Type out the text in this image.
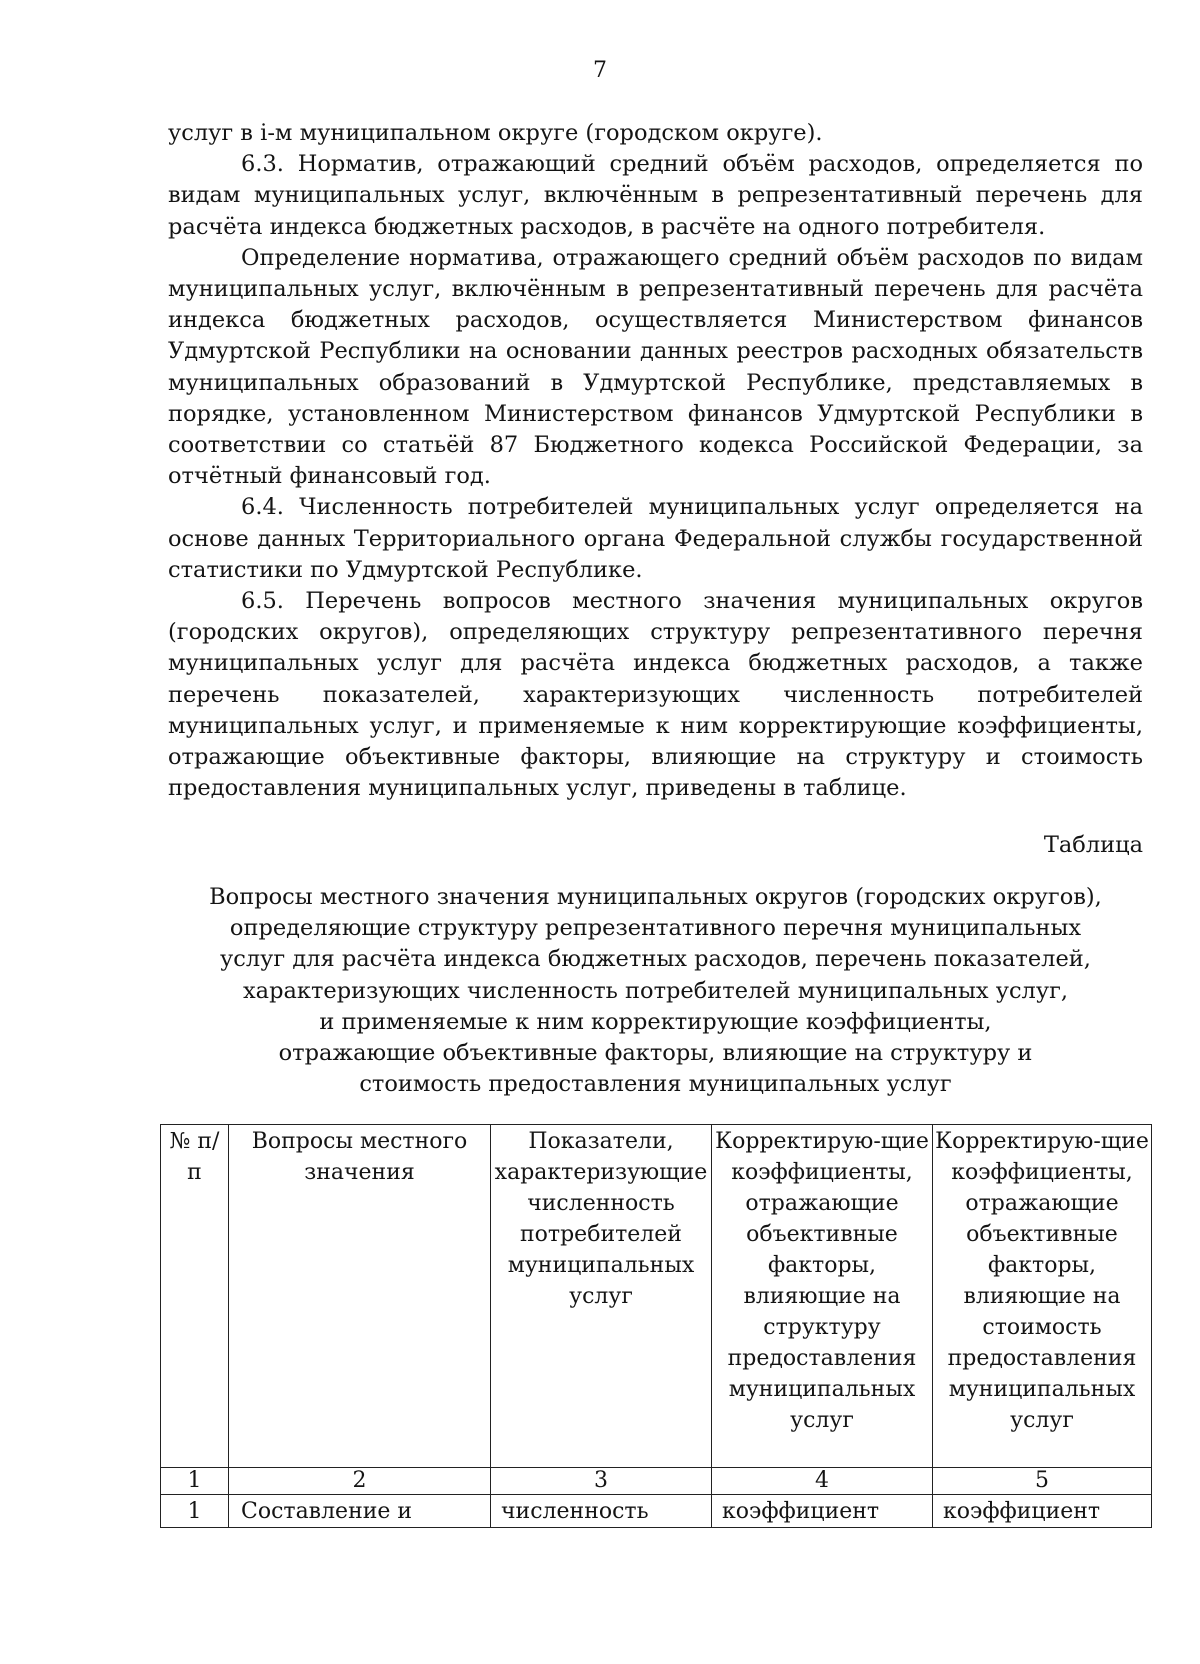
7

услуг в i-м муниципальном округе (городском округе).

6.3. Норматив, отражающий средний объём расходов, определяется по видам муниципальных услуг, включённым в репрезентативный перечень для расчёта индекса бюджетных расходов, в расчёте на одного потребителя.

Определение норматива, отражающего средний объём расходов по видам муниципальных услуг, включённым в репрезентативный перечень для расчёта индекса бюджетных расходов, осуществляется Министерством финансов Удмуртской Республики на основании данных реестров расходных обязательств муниципальных образований в Удмуртской Республике, представляемых в порядке, установленном Министерством финансов Удмуртской Республики в соответствии со статьёй 87 Бюджетного кодекса Российской Федерации, за отчётный финансовый год.

6.4. Численность потребителей муниципальных услуг определяется на основе данных Территориального органа Федеральной службы государственной статистики по Удмуртской Республике.

6.5. Перечень вопросов местного значения муниципальных округов (городских округов), определяющих структуру репрезентативного перечня муниципальных услуг для расчёта индекса бюджетных расходов, а также перечень показателей, характеризующих численность потребителей муниципальных услуг, и применяемые к ним корректирующие коэффициенты, отражающие объективные факторы, влияющие на структуру и стоимость предоставления муниципальных услуг, приведены в таблице.

Таблица
Вопросы местного значения муниципальных округов (городских округов),
определяющие структуру репрезентативного перечня муниципальных
услуг для расчёта индекса бюджетных расходов, перечень показателей,
характеризующих численность потребителей муниципальных услуг,
и применяемые к ним корректирующие коэффициенты,
отражающие объективные факторы, влияющие на структуру и
стоимость предоставления муниципальных услуг
№ п/п	Вопросы местного значения	Показатели, характеризующие численность потребителей муниципальных услуг	Корректирую-щие коэффициенты, отражающие объективные факторы, влияющие на структуру предоставления муниципальных услуг	Корректирую-щие коэффициенты, отражающие объективные факторы, влияющие на стоимость предоставления муниципальных услуг
1	2	3	4	5
1	Составление и	численность	коэффициент	коэффициент
